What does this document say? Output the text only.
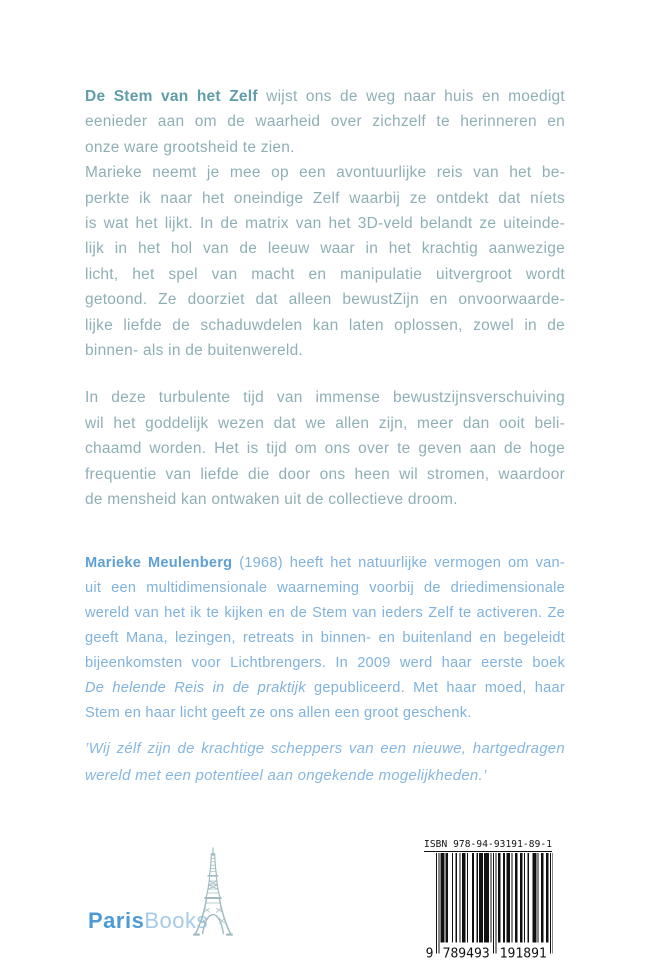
De Stem van het Zelf wijst ons de weg naar huis en moedigt
eenieder aan om de waarheid over zichzelf te herinneren en
onze ware grootsheid te zien.
Marieke neemt je mee op een avontuurlijke reis van het be-
perkte ik naar het oneindige Zelf waarbij ze ontdekt dat níets
is wat het lijkt. In de matrix van het 3D-veld belandt ze uiteinde-
lijk in het hol van de leeuw waar in het krachtig aanwezige
licht, het spel van macht en manipulatie uitvergroot wordt
getoond. Ze doorziet dat alleen bewustZijn en onvoorwaarde-
lijke liefde de schaduwdelen kan laten oplossen, zowel in de
binnen- als in de buitenwereld.
In deze turbulente tijd van immense bewustzijnsverschuiving
wil het goddelijk wezen dat we allen zijn, meer dan ooit beli-
chaamd worden. Het is tijd om ons over te geven aan de hoge
frequentie van liefde die door ons heen wil stromen, waardoor
de mensheid kan ontwaken uit de collectieve droom.
Marieke Meulenberg (1968) heeft het natuurlijke vermogen om van-
uit een multidimensionale waarneming voorbij de driedimensionale
wereld van het ik te kijken en de Stem van ieders Zelf te activeren. Ze
geeft Mana, lezingen, retreats in binnen- en buitenland en begeleidt
bijeenkomsten voor Lichtbrengers. In 2009 werd haar eerste boek
De helende Reis in de praktijk gepubliceerd. Met haar moed, haar
Stem en haar licht geeft ze ons allen een groot geschenk.
’Wij zélf zijn de krachtige scheppers van een nieuwe, hartgedragen
wereld met een potentieel aan ongekende mogelijkheden.’
ParisBooks
ISBN 978-94-93191-89-1
9 789493 191891
